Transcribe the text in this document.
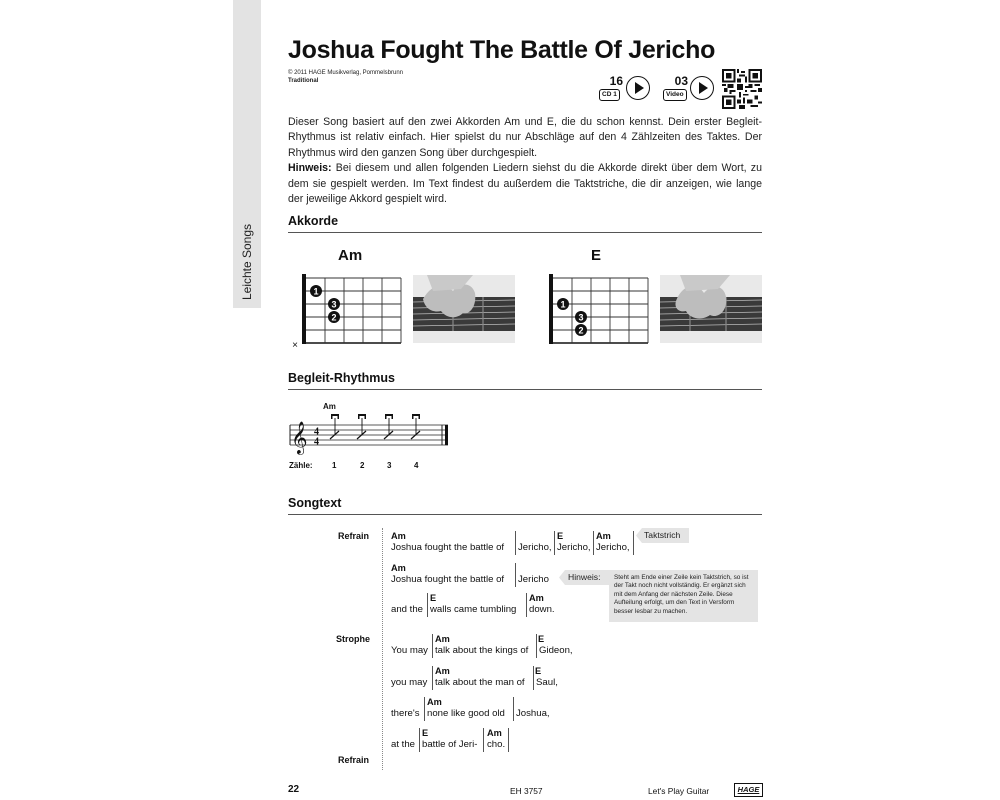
Leichte Songs
Joshua Fought The Battle Of Jericho
© 2011 HAGE Musikverlag, Pommelsbrunn
Traditional	16
CD 1
03
Video
Dieser Song basiert auf den zwei Akkorden Am und E, die du schon kennst. Dein erster Begleit-Rhythmus ist relativ einfach. Hier spielst du nur Abschläge auf den 4 Zählzeiten des Taktes. Der Rhythmus wird den ganzen Song über durchgespielt.
Hinweis: Bei diesem und allen folgenden Liedern siehst du die Akkorde direkt über dem Wort, zu dem sie gespielt werden. Im Text findest du außerdem die Taktstriche, die dir anzeigen, wie lange der jeweilige Akkord gespielt wird.
Akkorde
Am
1
3
2
×
E
1
3
2
Begleit-Rhythmus
Am
𝄞 4
4
Zähle: 1	2	3	4
Songtext
Refrain
Strophe
Refrain
Am	E	Am
Joshua fought the battle of Jericho, Jericho, Jericho,
Taktstrich
Am
Joshua fought the battle of Jericho Hinweis:	Steht am Ende einer Zeile kein Taktstrich, so ist der Takt noch nicht vollständig. Er ergänzt sich mit dem Anfang der nächsten Zeile. Diese Aufteilung erfolgt, um den Text in Versform besser lesbar zu machen.
E	Am
and the walls came tumbling down.
Am	E
You may talk about the kings of Gideon,
Am	E
you may talk about the man of Saul,
Am
there's none like good old Joshua,
E	Am
at the battle of Jeri- cho.
22	EH 3757	Let's Play Guitar	HAGE
